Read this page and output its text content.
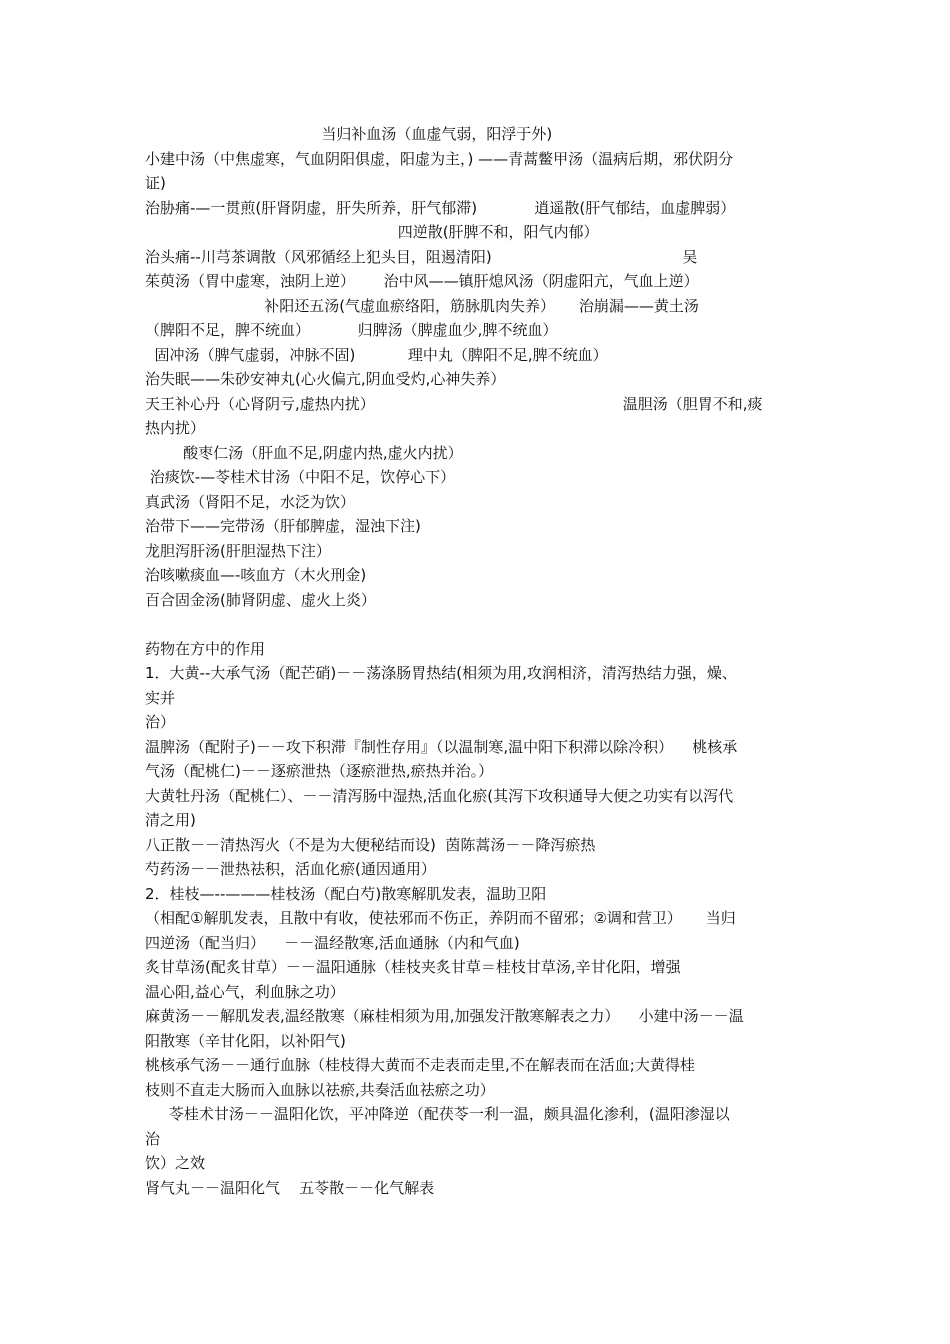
当归补血汤（血虚气弱，阳浮于外)
小建中汤（中焦虚寒，气血阴阳俱虚，阳虚为主，) ——青蒿鳖甲汤（温病后期，邪伏阴分
证)
治胁痛-—一贯煎(肝肾阴虚，肝失所养，肝气郁滞)            逍遥散(肝气郁结，血虚脾弱）
四逆散(肝脾不和，阳气内郁）
治头痛--川芎茶调散（风邪循经上犯头目，阻遏清阳)                                        吴
茱萸汤（胃中虚寒，浊阴上逆）      治中风——镇肝熄风汤（阴虚阳亢，气血上逆）
补阳还五汤(气虚血瘀络阳，筋脉肌肉失养）     治崩漏——黄土汤
（脾阳不足，脾不统血）          归脾汤（脾虚血少,脾不统血）
固冲汤（脾气虚弱，冲脉不固)           理中丸（脾阳不足,脾不统血）
治失眠——朱砂安神丸(心火偏亢,阴血受灼,心神失养）
天王补心丹（心肾阴亏,虚热内扰）                                                    温胆汤（胆胃不和,痰
热内扰）
酸枣仁汤（肝血不足,阴虚内热,虚火内扰）
治痰饮-—苓桂术甘汤（中阳不足，饮停心下）
真武汤（肾阳不足，水泛为饮）
治带下——完带汤（肝郁脾虚，湿浊下注)
龙胆泻肝汤(肝胆湿热下注）
治咳嗽痰血—-咳血方（木火刑金)
百合固金汤(肺肾阴虚、虚火上炎）
药物在方中的作用
1．大黄--大承气汤（配芒硝)－－荡涤肠胃热结(相须为用,攻润相济，清泻热结力强，燥、
实并
治）
温脾汤（配附子)－－攻下积滞『制性存用』（以温制寒,温中阳下积滞以除冷积）    桃核承
气汤（配桃仁)－－逐瘀泄热（逐瘀泄热,瘀热并治。）
大黄牡丹汤（配桃仁）、－－清泻肠中湿热,活血化瘀(其泻下攻积通导大便之功实有以泻代
清之用)
八正散－－清热泻火（不是为大便秘结而设)  茵陈蒿汤－－降泻瘀热
芍药汤－－泄热祛积，活血化瘀(通因通用）
2．桂枝—--———桂枝汤（配白芍)散寒解肌发表，温助卫阳
（相配①解肌发表，且散中有收，使祛邪而不伤正，养阴而不留邪；②调和营卫）     当归
四逆汤（配当归）    －－温经散寒,活血通脉（内和气血)
炙甘草汤(配炙甘草）－－温阳通脉（桂枝夹炙甘草＝桂枝甘草汤,辛甘化阳，增强
温心阳,益心气，利血脉之功）
麻黄汤－－解肌发表,温经散寒（麻桂相须为用,加强发汗散寒解表之力）    小建中汤－－温
阳散寒（辛甘化阳，以补阳气)
桃核承气汤－－通行血脉（桂枝得大黄而不走表而走里,不在解表而在活血;大黄得桂
枝则不直走大肠而入血脉以祛瘀,共奏活血祛瘀之功）
苓桂术甘汤－－温阳化饮，平冲降逆（配茯苓一利一温，颇具温化渗利，(温阳渗湿以
治
饮）之效
肾气丸－－温阳化气    五苓散－－化气解表
